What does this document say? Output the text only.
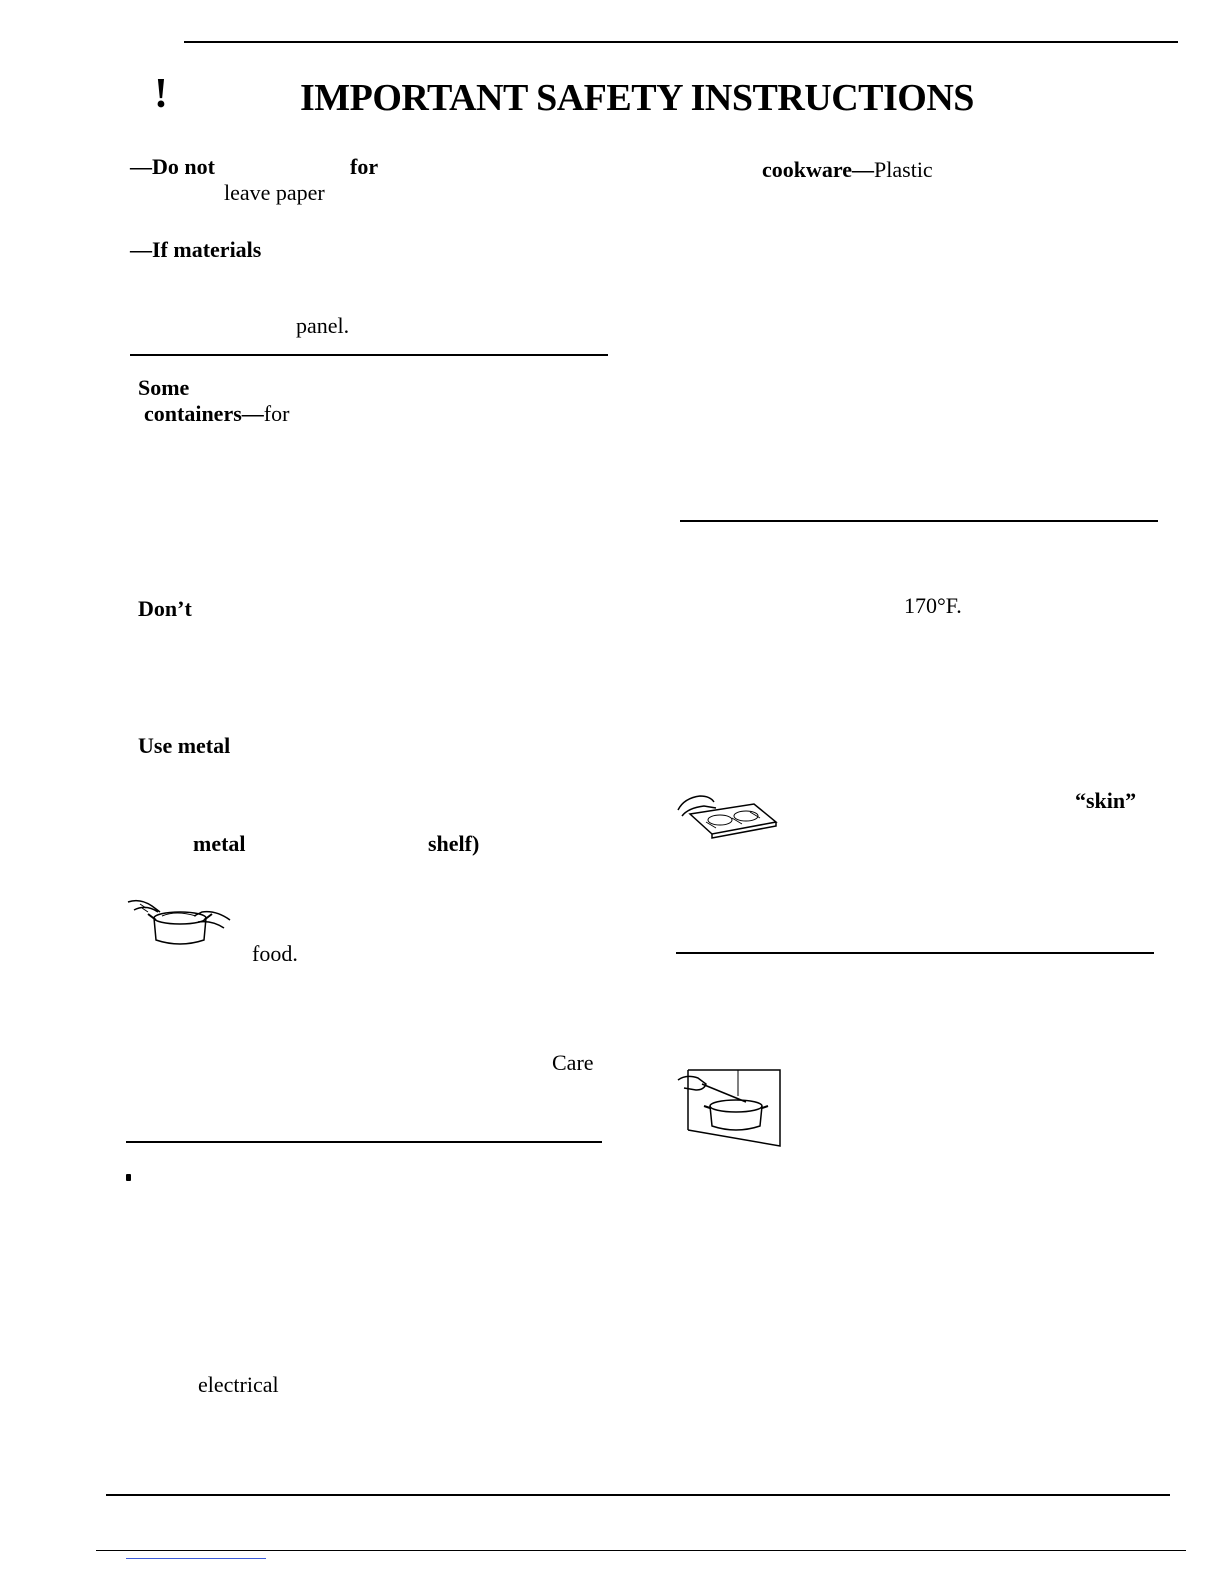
!	IMPORTANT SAFETY INSTRUCTIONS
—Do not	for
leave paper
—If materials
panel.
Some
containers—for
Don’t
Use metal
metal	shelf)
food.
Care
electrical
cookware—Plastic
170°F.
“skin”
